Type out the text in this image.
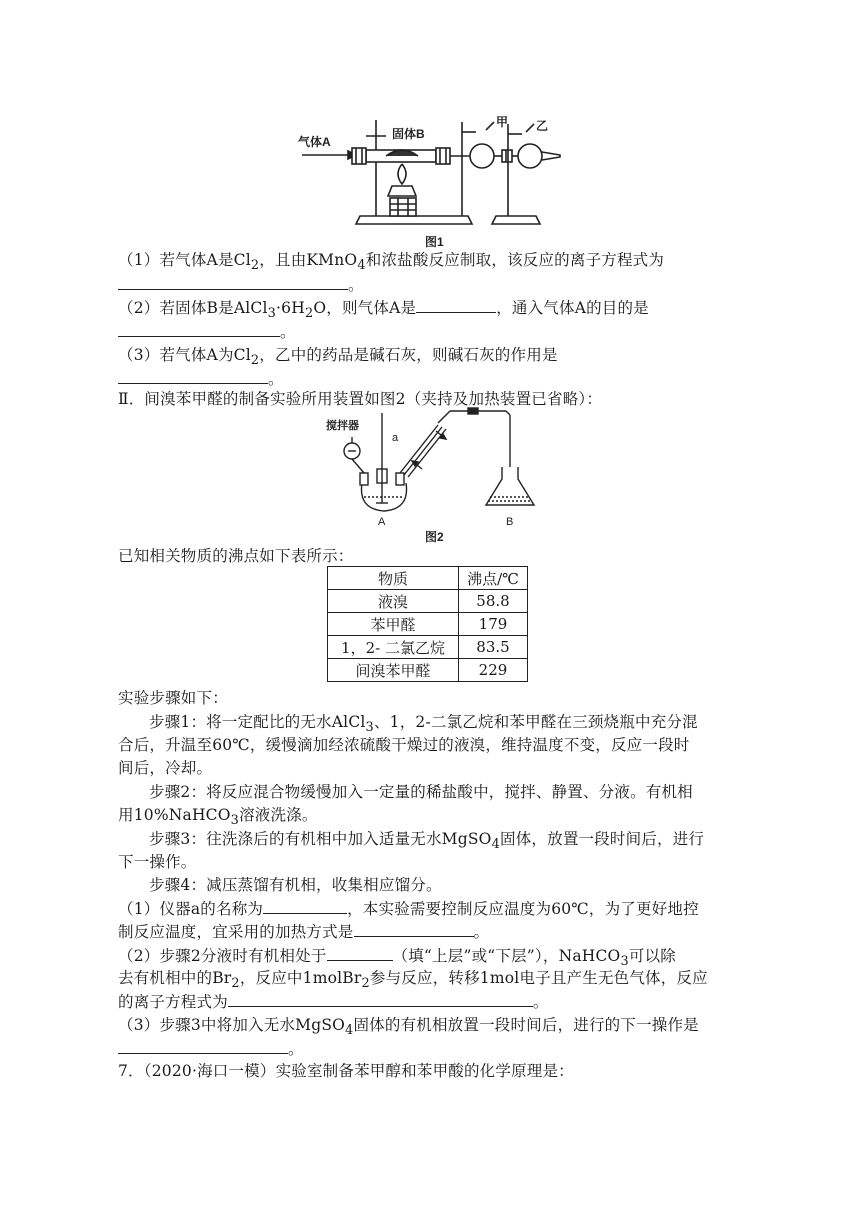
气体A
固体B
甲 乙
图1
（1）若气体A是$Cl_2$，且由KMnO$_4$和浓盐酸反应制取，该反应的离子方程式为
。
（2）若固体B是$AlCl_3\cdot 6H_2O$，则气体A是	，通入气体A的目的是
。
（3）若气体A为$Cl_2$，乙中的药品是碱石灰，则碱石灰的作用是
。
Ⅱ．间溴苯甲醛的制备实验所用装置如图2（夹持及加热装置已省略）：
搅拌器
a
A	B
图2
已知相关物质的沸点如下表所示：
物质	沸点/℃
液溴	58.8
苯甲醛	179
1，2- 二氯乙烷	83.5
间溴苯甲醛	229
实验步骤如下：
步骤1：将一定配比的无水AlCl$_3$、1，2-二氯乙烷和苯甲醛在三颈烧瓶中充分混
合后，升温至60℃，缓慢滴加经浓硫酸干燥过的液溴，维持温度不变，反应一段时
间后，冷却。
步骤2：将反应混合物缓慢加入一定量的稀盐酸中，搅拌、静置、分液。有机相
用10%NaHCO$_3$溶液洗涤。
步骤3：往洗涤后的有机相中加入适量无水MgSO$_4$固体，放置一段时间后，进行
下一操作。
步骤4：减压蒸馏有机相，收集相应馏分。
（1）仪器a的名称为	，本实验需要控制反应温度为60℃，为了更好地控
制反应温度，宜采用的加热方式是	。
（2）步骤2分液时有机相处于	（填“上层”或“下层”），NaHCO$_3$可以除
去有机相中的$Br_2$，反应中1molBr$_2$参与反应，转移1mol电子且产生无色气体，反应
的离子方程式为	。
（3）步骤3中将加入无水MgSO$_4$固体的有机相放置一段时间后，进行的下一操作是
。
7．（2020·海口一模）实验室制备苯甲醇和苯甲酸的化学原理是：
